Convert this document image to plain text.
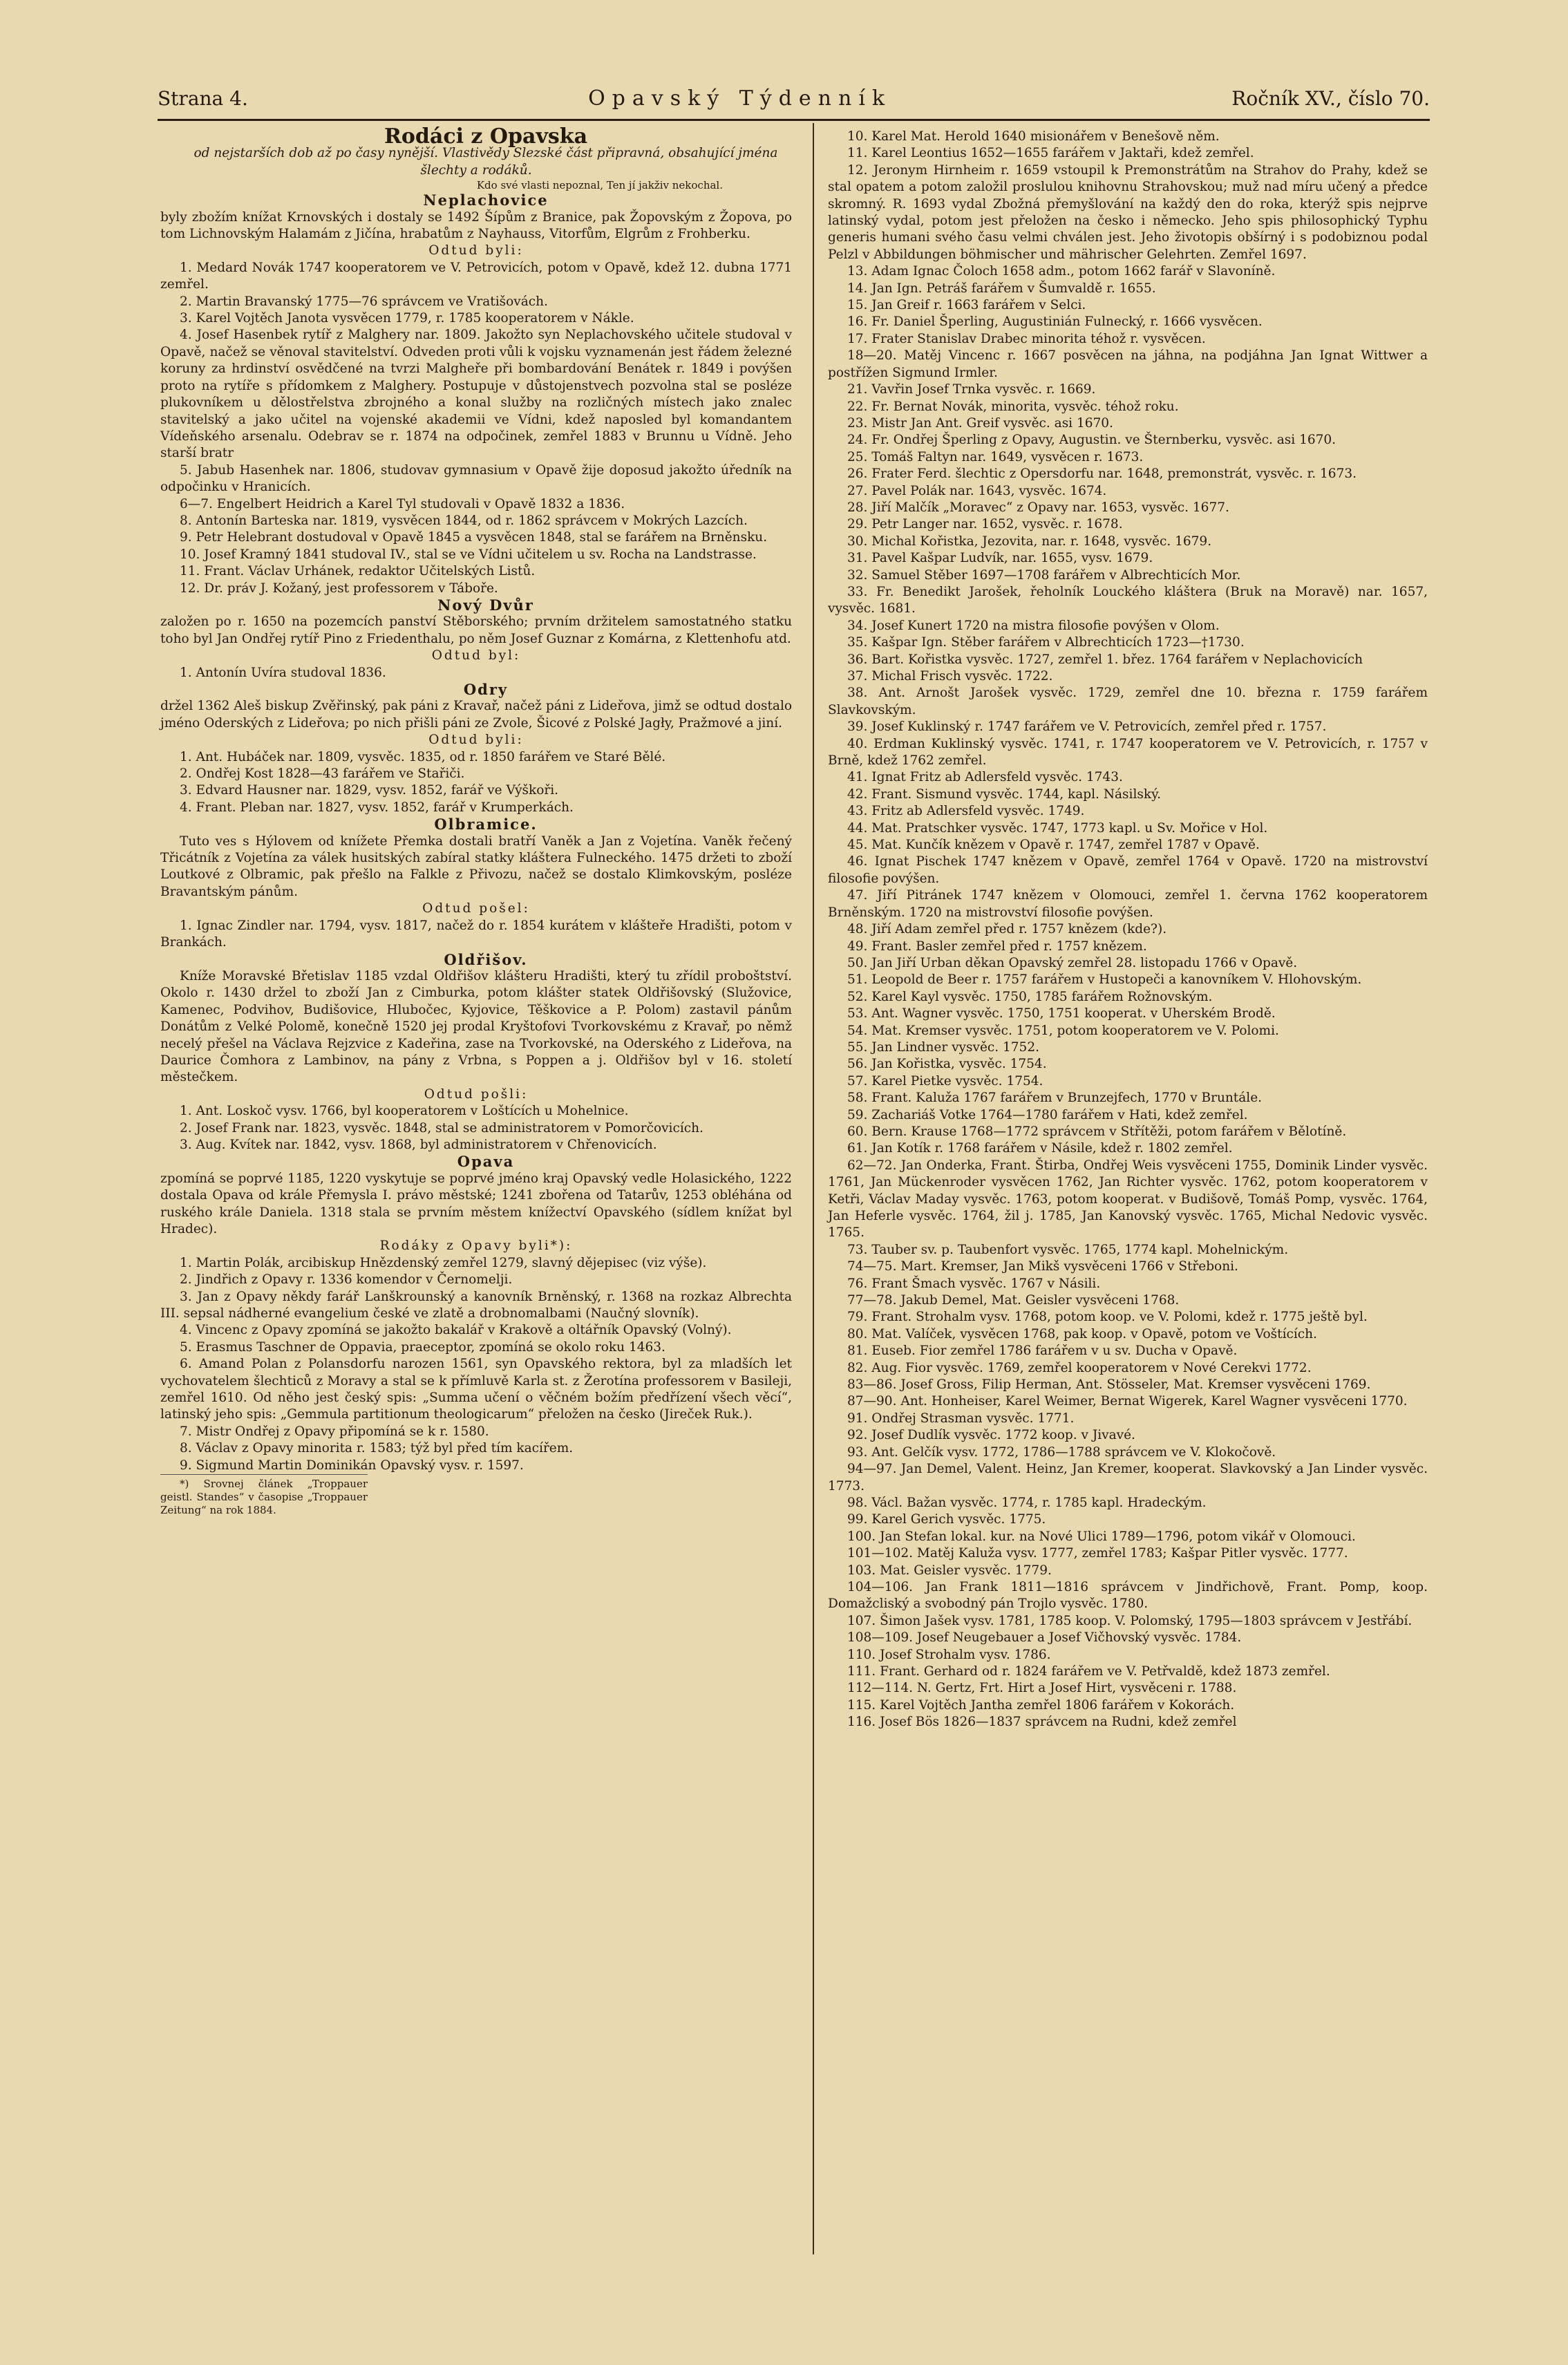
Strana 4.	Opavský Týdenník	Ročník XV., číslo 70.

Rodáci z Opavska

od nejstarších dob až po časy nynější. Vlastivědy Slezské část připravná, obsahující jména šlechty a rodáků.

Kdo své vlasti nepoznal, Ten jí jakživ nekochal.

Neplachovice

byly zbožím knížat Krnovských i dostaly se 1492 Šípům z Branice, pak Žopovským z Žopova, po tom Lichnovským Halamám z Jičína, hrabatům z Nayhauss, Vitorfům, Elgrům z Frohberku.

Odtud byli:

1. Medard Novák 1747 kooperatorem ve V. Petrovicích, potom v Opavě, kdež 12. dubna 1771 zemřel.

2. Martin Bravanský 1775—76 správcem ve Vratišovách.

3. Karel Vojtěch Janota vysvěcen 1779, r. 1785 kooperatorem v Nákle.

4. Josef Hasenbek rytíř z Malghery nar. 1809. Jakožto syn Neplachovského učitele studoval v Opavě, načež se věnoval stavitelství. Odveden proti vůli k vojsku vyznamenán jest řádem železné koruny za hrdinství osvědčené na tvrzi Malgheře při bombardování Benátek r. 1849 i povýšen proto na rytíře s přídomkem z Malghery. Postupuje v důstojenstvech pozvolna stal se posléze plukovníkem u dělostřelstva zbrojného a konal služby na rozličných místech jako znalec stavitelský a jako učitel na vojenské akademii ve Vídni, kdež naposled byl komandantem Vídeňského arsenalu. Odebrav se r. 1874 na odpočinek, zemřel 1883 v Brunnu u Vídně. Jeho starší bratr

5. Jabub Hasenhek nar. 1806, studovav gymnasium v Opavě žije doposud jakožto úředník na odpočinku v Hranicích.

6—7. Engelbert Heidrich a Karel Tyl studovali v Opavě 1832 a 1836.

8. Antonín Barteska nar. 1819, vysvěcen 1844, od r. 1862 správcem v Mokrých Lazcích.

9. Petr Helebrant dostudoval v Opavě 1845 a vysvěcen 1848, stal se farářem na Brněnsku.

10. Josef Kramný 1841 studoval IV., stal se ve Vídni učitelem u sv. Rocha na Landstrasse.

11. Frant. Václav Urhánek, redaktor Učitelských Listů.

12. Dr. práv J. Kožaný, jest professorem v Táboře.

Nový Dvůr

založen po r. 1650 na pozemcích panství Stěborského; prvním držitelem samostatného statku toho byl Jan Ondřej rytíř Pino z Friedenthalu, po něm Josef Guznar z Komárna, z Klettenhofu atd.

Odtud byl:

1. Antonín Uvíra studoval 1836.

Odry

držel 1362 Aleš biskup Zvěřinský, pak páni z Kravař, načež páni z Lideřova, jimž se odtud dostalo jméno Oderských z Lideřova; po nich přišli páni ze Zvole, Šicové z Polské Jagły, Pražmové a jiní.

Odtud byli:

1. Ant. Hubáček nar. 1809, vysvěc. 1835, od r. 1850 farářem ve Staré Bělé.

2. Ondřej Kost 1828—43 farářem ve Stařiči.

3. Edvard Hausner nar. 1829, vysv. 1852, farář ve Výškoři.

4. Frant. Pleban nar. 1827, vysv. 1852, farář v Krumperkách.

Olbramice.

Tuto ves s Hýlovem od knížete Přemka dostali bratří Vaněk a Jan z Vojetína. Vaněk řečený Třicátník z Vojetína za válek husitských zabíral statky kláštera Fulneckého. 1475 držeti to zboží Loutkové z Olbramic, pak přešlo na Falkle z Přivozu, načež se dostalo Klimkovským, posléze Bravantským pánům.

Odtud pošel:

1. Ignac Zindler nar. 1794, vysv. 1817, načež do r. 1854 kurátem v klášteře Hradišti, potom v Brankách.

Oldřišov.

Kníže Moravské Břetislav 1185 vzdal Oldřišov klášteru Hradišti, který tu zřídil proboštství. Okolo r. 1430 držel to zboží Jan z Cimburka, potom klášter statek Oldřišovský (Služovice, Kamenec, Podvihov, Budišovice, Hlubočec, Kyjovice, Těškovice a P. Polom) zastavil pánům Donátům z Velké Polomě, konečně 1520 jej prodal Kryštofovi Tvorkovskému z Kravař, po němž necelý přešel na Václava Rejzvice z Kadeřina, zase na Tvorkovské, na Oderského z Lideřova, na Daurice Čomhora z Lambinov, na pány z Vrbna, s Poppen a j. Oldřišov byl v 16. století městečkem.

Odtud pošli:

1. Ant. Loskoč vysv. 1766, byl kooperatorem v Loštících u Mohelnice.

2. Josef Frank nar. 1823, vysvěc. 1848, stal se administratorem v Pomorčovicích.

3. Aug. Kvítek nar. 1842, vysv. 1868, byl administratorem v Chřenovicích.

Opava

zpomíná se poprvé 1185, 1220 vyskytuje se poprvé jméno kraj Opavský vedle Holasického, 1222 dostala Opava od krále Přemysla I. právo městské; 1241 zbořena od Tatarův, 1253 obléhána od ruského krále Daniela. 1318 stala se prvním městem knížectví Opavského (sídlem knížat byl Hradec).

Rodáky z Opavy byli*):

1. Martin Polák, arcibiskup Hnězdenský zemřel 1279, slavný dějepisec (viz výše).

2. Jindřich z Opavy r. 1336 komendor v Černomelji.

3. Jan z Opavy někdy farář Lanškrounský a kanovník Brněnský, r. 1368 na rozkaz Albrechta III. sepsal nádherné evangelium české ve zlatě a drobnomalbami (Naučný slovník).

4. Vincenc z Opavy zpomíná se jakožto bakalář v Krakově a oltářník Opavský (Volný).

5. Erasmus Taschner de Oppavia, praeceptor, zpomíná se okolo roku 1463.

6. Amand Polan z Polansdorfu narozen 1561, syn Opavského rektora, byl za mladších let vychovatelem šlechticů z Moravy a stal se k přímluvě Karla st. z Žerotína professorem v Basileji, zemřel 1610. Od něho jest český spis: „Summa učení o věčném božím předřízení všech věcí“, latinský jeho spis: „Gemmula partitionum theologicarum“ přeložen na česko (Jireček Ruk.).

7. Mistr Ondřej z Opavy připomíná se k r. 1580.

8. Václav z Opavy minorita r. 1583; týž byl před tím kacířem.

9. Sigmund Martin Dominikán Opavský vysv. r. 1597.

*) Srovnej článek „Troppauer geistl. Standes“ v časopise „Troppauer Zeitung“ na rok 1884.

10. Karel Mat. Herold 1640 misionářem v Benešově něm.

11. Karel Leontius 1652—1655 farářem v Jaktaři, kdež zemřel.

12. Jeronym Hirnheim r. 1659 vstoupil k Premonstrátům na Strahov do Prahy, kdež se stal opatem a potom založil proslulou knihovnu Strahovskou; muž nad míru učený a předce skromný. R. 1693 vydal Zbožná přemyšlování na každý den do roka, kterýž spis nejprve latinský vydal, potom jest přeložen na česko i německo. Jeho spis philosophický Typhu generis humani svého času velmi chválen jest. Jeho životopis obšírný i s podobiznou podal Pelzl v Abbildungen böhmischer und mährischer Gelehrten. Zemřel 1697.

13. Adam Ignac Čoloch 1658 adm., potom 1662 farář v Slavoníně.

14. Jan Ign. Petráš farářem v Šumvaldě r. 1655.

15. Jan Greif r. 1663 farářem v Selci.

16. Fr. Daniel Šperling, Augustinián Fulnecký, r. 1666 vysvěcen.

17. Frater Stanislav Drabec minorita téhož r. vysvěcen.

18—20. Matěj Vincenc r. 1667 posvěcen na jáhna, na podjáhna Jan Ignat Wittwer a postřížen Sigmund Irmler.

21. Vavřin Josef Trnka vysvěc. r. 1669.

22. Fr. Bernat Novák, minorita, vysvěc. téhož roku.

23. Mistr Jan Ant. Greif vysvěc. asi 1670.

24. Fr. Ondřej Šperling z Opavy, Augustin. ve Šternberku, vysvěc. asi 1670.

25. Tomáš Faltyn nar. 1649, vysvěcen r. 1673.

26. Frater Ferd. šlechtic z Opersdorfu nar. 1648, premonstrát, vysvěc. r. 1673.

27. Pavel Polák nar. 1643, vysvěc. 1674.

28. Jiří Malčík „Moravec“ z Opavy nar. 1653, vysvěc. 1677.

29. Petr Langer nar. 1652, vysvěc. r. 1678.

30. Michal Kořistka, Jezovita, nar. r. 1648, vysvěc. 1679.

31. Pavel Kašpar Ludvík, nar. 1655, vysv. 1679.

32. Samuel Stěber 1697—1708 farářem v Albrechticích Mor.

33. Fr. Benedikt Jarošek, řeholník Louckého kláštera (Bruk na Moravě) nar. 1657, vysvěc. 1681.

34. Josef Kunert 1720 na mistra filosofie povýšen v Olom.

35. Kašpar Ign. Stěber farářem v Albrechticích 1723—†1730.

36. Bart. Kořistka vysvěc. 1727, zemřel 1. břez. 1764 farářem v Neplachovicích

37. Michal Frisch vysvěc. 1722.

38. Ant. Arnošt Jarošek vysvěc. 1729, zemřel dne 10. března r. 1759 farářem Slavkovským.

39. Josef Kuklinský r. 1747 farářem ve V. Petrovicích, zemřel před r. 1757.

40. Erdman Kuklinský vysvěc. 1741, r. 1747 kooperatorem ve V. Petrovicích, r. 1757 v Brně, kdež 1762 zemřel.

41. Ignat Fritz ab Adlersfeld vysvěc. 1743.

42. Frant. Sismund vysvěc. 1744, kapl. Násilský.

43. Fritz ab Adlersfeld vysvěc. 1749.

44. Mat. Pratschker vysvěc. 1747, 1773 kapl. u Sv. Mořice v Hol.

45. Mat. Kunčík knězem v Opavě r. 1747, zemřel 1787 v Opavě.

46. Ignat Pischek 1747 knězem v Opavě, zemřel 1764 v Opavě. 1720 na mistrovství filosofie povýšen.

47. Jiří Pitránek 1747 knězem v Olomouci, zemřel 1. června 1762 kooperatorem Brněnským. 1720 na mistrovství filosofie povýšen.

48. Jiří Adam zemřel před r. 1757 knězem (kde?).

49. Frant. Basler zemřel před r. 1757 knězem.

50. Jan Jiří Urban děkan Opavský zemřel 28. listopadu 1766 v Opavě.

51. Leopold de Beer r. 1757 farářem v Hustopeči a kanovníkem V. Hlohovským.

52. Karel Kayl vysvěc. 1750, 1785 farářem Rožnovským.

53. Ant. Wagner vysvěc. 1750, 1751 kooperat. v Uherském Brodě.

54. Mat. Kremser vysvěc. 1751, potom kooperatorem ve V. Polomi.

55. Jan Lindner vysvěc. 1752.

56. Jan Kořistka, vysvěc. 1754.

57. Karel Pietke vysvěc. 1754.

58. Frant. Kaluža 1767 farářem v Brunzejfech, 1770 v Bruntále.

59. Zachariáš Votke 1764—1780 farářem v Hati, kdež zemřel.

60. Bern. Krause 1768—1772 správcem v Střítěži, potom farářem v Bělotíně.

61. Jan Kotík r. 1768 farářem v Násile, kdež r. 1802 zemřel.

62—72. Jan Onderka, Frant. Štirba, Ondřej Weis vysvěceni 1755, Dominik Linder vysvěc. 1761, Jan Mückenroder vysvěcen 1762, Jan Richter vysvěc. 1762, potom kooperatorem v Ketři, Václav Maday vysvěc. 1763, potom kooperat. v Budišově, Tomáš Pomp, vysvěc. 1764, Jan Heferle vysvěc. 1764, žil j. 1785, Jan Kanovský vysvěc. 1765, Michal Nedovic vysvěc. 1765.

73. Tauber sv. p. Taubenfort vysvěc. 1765, 1774 kapl. Mohelnickým.

74—75. Mart. Kremser, Jan Mikš vysvěceni 1766 v Střeboni.

76. Frant Šmach vysvěc. 1767 v Násili.

77—78. Jakub Demel, Mat. Geisler vysvěceni 1768.

79. Frant. Strohalm vysv. 1768, potom koop. ve V. Polomi, kdež r. 1775 ještě byl.

80. Mat. Valíček, vysvěcen 1768, pak koop. v Opavě, potom ve Voštících.

81. Euseb. Fior zemřel 1786 farářem v u sv. Ducha v Opavě.

82. Aug. Fior vysvěc. 1769, zemřel kooperatorem v Nové Cerekvi 1772.

83—86. Josef Gross, Filip Herman, Ant. Stösseler, Mat. Kremser vysvěceni 1769.

87—90. Ant. Honheiser, Karel Weimer, Bernat Wigerek, Karel Wagner vysvěceni 1770.

91. Ondřej Strasman vysvěc. 1771.

92. Josef Dudlík vysvěc. 1772 koop. v Jivavé.

93. Ant. Gelčík vysv. 1772, 1786—1788 správcem ve V. Klokočově.

94—97. Jan Demel, Valent. Heinz, Jan Kremer, kooperat. Slavkovský a Jan Linder vysvěc. 1773.

98. Václ. Bažan vysvěc. 1774, r. 1785 kapl. Hradeckým.

99. Karel Gerich vysvěc. 1775.

100. Jan Stefan lokal. kur. na Nové Ulici 1789—1796, potom vikář v Olomouci.

101—102. Matěj Kaluža vysv. 1777, zemřel 1783; Kašpar Pitler vysvěc. 1777.

103. Mat. Geisler vysvěc. 1779.

104—106. Jan Frank 1811—1816 správcem v Jindřichově, Frant. Pomp, koop. Domažcliský a svobodný pán Trojlo vysvěc. 1780.

107. Šimon Jašek vysv. 1781, 1785 koop. V. Polomský, 1795—1803 správcem v Jestřábí.

108—109. Josef Neugebauer a Josef Vičhovský vysvěc. 1784.

110. Josef Strohalm vysv. 1786.

111. Frant. Gerhard od r. 1824 farářem ve V. Petřvaldě, kdež 1873 zemřel.

112—114. N. Gertz, Frt. Hirt a Josef Hirt, vysvěceni r. 1788.

115. Karel Vojtěch Jantha zemřel 1806 farářem v Kokorách.

116. Josef Bös 1826—1837 správcem na Rudni, kdež zemřel
